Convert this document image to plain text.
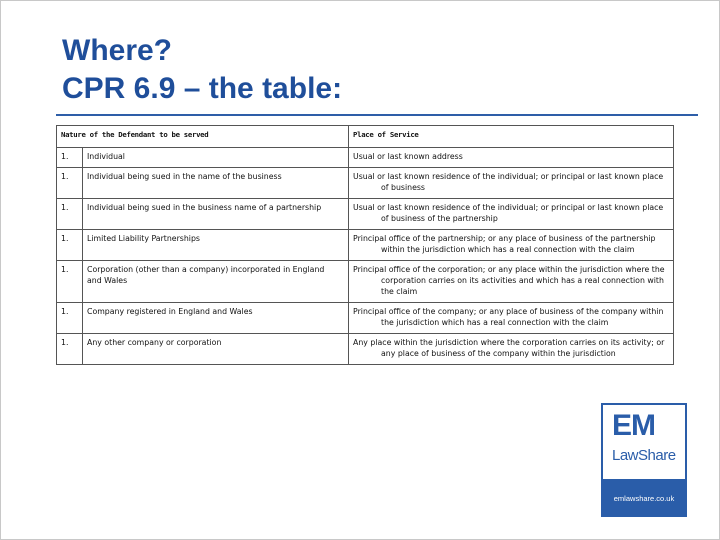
Where?
CPR 6.9 – the table:
Nature of the Defendant to be served		Place of Service
1.	Individual	Usual or last known address

1.	Individual being sued in the name of the business	Usual or last known residence of the individual; or principal or last known place of business

1.	Individual being sued in the business name of a partnership	Usual or last known residence of the individual; or principal or last known place of business of the partnership

1.	Limited Liability Partnerships	Principal office of the partnership; or any place of business of the partnership within the jurisdiction which has a real connection with the claim

1.	Corporation (other than a company) incorporated in England and Wales	Principal office of the corporation; or any place within the jurisdiction where the corporation carries on its activities and which has a real connection with the claim

1.	Company registered in England and Wales	Principal office of the company; or any place of business of the company within the jurisdiction which has a real connection with the claim

1.	Any other company or corporation	Any place within the jurisdiction where the corporation carries on its activity; or any place of business of the company within the jurisdiction
EM
LawShare
emlawshare.co.uk
